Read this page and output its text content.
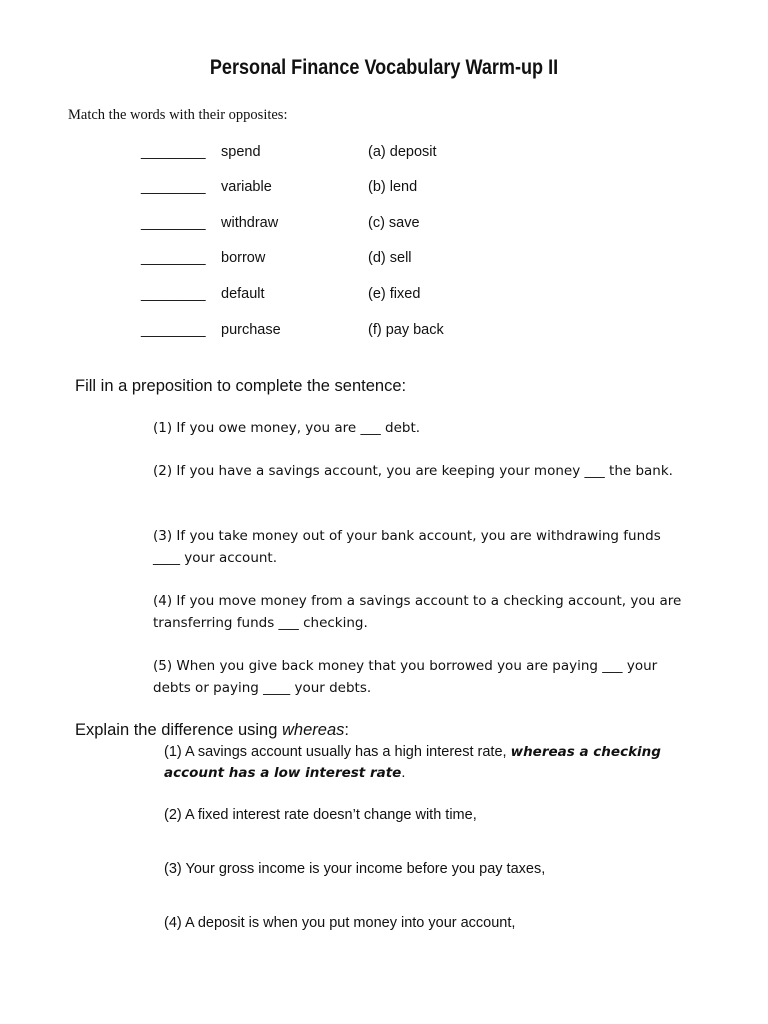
Personal Finance Vocabulary Warm-up II
Match the words with their opposites:
________ spend	(a) deposit
________ variable	(b) lend
________ withdraw	(c) save
________ borrow	(d) sell
________ default	(e) fixed
________ purchase	(f) pay back
Fill in a preposition to complete the sentence:
(1) If you owe money, you are ___ debt.
(2) If you have a savings account, you are keeping your money ___ the bank.
(3) If you take money out of your bank account, you are withdrawing funds ____ your account.
(4) If you move money from a savings account to a checking account, you are transferring funds ___ checking.
(5) When you give back money that you borrowed you are paying ___ your debts or paying ____ your debts.
Explain the difference using whereas:
(1) A savings account usually has a high interest rate, whereas a checking account has a low interest rate.
(2) A fixed interest rate doesn’t change with time,
(3) Your gross income is your income before you pay taxes,
(4) A deposit is when you put money into your account,
